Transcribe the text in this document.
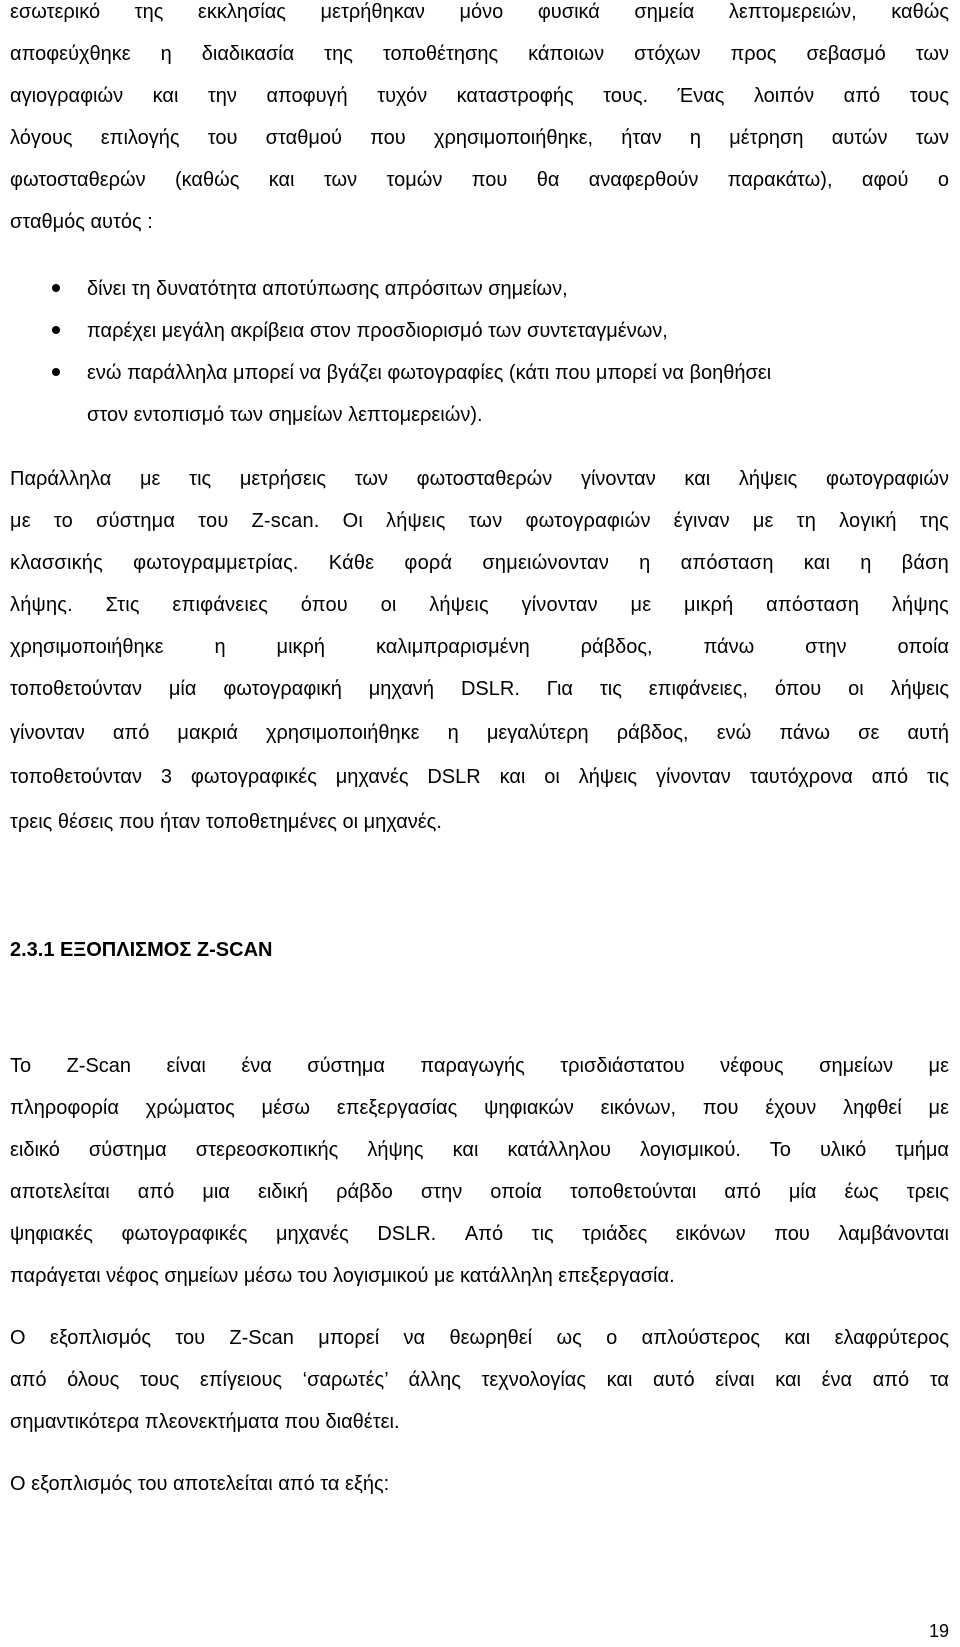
εσωτερικό της εκκλησίας μετρήθηκαν μόνο φυσικά σημεία λεπτομερειών, καθώς

αποφεύχθηκε η διαδικασία της τοποθέτησης κάποιων στόχων προς σεβασμό των

αγιογραφιών και την αποφυγή τυχόν καταστροφής τους. Ένας λοιπόν από τους

λόγους επιλογής του σταθμού που χρησιμοποιήθηκε, ήταν η μέτρηση αυτών των

φωτοσταθερών (καθώς και των τομών που θα αναφερθούν παρακάτω), αφού ο

σταθμός αυτός :

δίνει τη δυνατότητα αποτύπωσης απρόσιτων σημείων,

παρέχει μεγάλη ακρίβεια στον προσδιορισμό των συντεταγμένων,

ενώ παράλληλα μπορεί να βγάζει φωτογραφίες (κάτι που μπορεί να βοηθήσει

στον εντοπισμό των σημείων λεπτομερειών).

Παράλληλα με τις μετρήσεις των φωτοσταθερών γίνονταν και λήψεις φωτογραφιών

με το σύστημα του Z-scan. Οι λήψεις των φωτογραφιών έγιναν με τη λογική της

κλασσικής φωτογραμμετρίας. Κάθε φορά σημειώνονταν η απόσταση και η βάση

λήψης. Στις επιφάνειες όπου οι λήψεις γίνονταν με μικρή απόσταση λήψης

χρησιμοποιήθηκε η μικρή καλιμπραρισμένη ράβδος, πάνω στην οποία

τοποθετούνταν μία φωτογραφική μηχανή DSLR. Για τις επιφάνειες, όπου οι λήψεις

γίνονταν από μακριά χρησιμοποιήθηκε η μεγαλύτερη ράβδος, ενώ πάνω σε αυτή

τοποθετούνταν 3 φωτογραφικές μηχανές DSLR και οι λήψεις γίνονταν ταυτόχρονα από τις

τρεις θέσεις που ήταν τοποθετημένες οι μηχανές.

2.3.1 ΕΞΟΠΛΙΣΜΟΣ Z-SCAN

Το Z-Scan είναι ένα σύστημα παραγωγής τρισδιάστατου νέφους σημείων με

πληροφορία χρώματος μέσω επεξεργασίας ψηφιακών εικόνων, που έχουν ληφθεί με

ειδικό σύστημα στερεοσκοπικής λήψης και κατάλληλου λογισμικού. Το υλικό τμήμα

αποτελείται από μια ειδική ράβδο στην οποία τοποθετούνται από μία έως τρεις

ψηφιακές φωτογραφικές μηχανές DSLR. Από τις τριάδες εικόνων που λαμβάνονται

παράγεται νέφος σημείων μέσω του λογισμικού με κατάλληλη επεξεργασία.

Ο εξοπλισμός του Z-Scan μπορεί να θεωρηθεί ως ο απλούστερος και ελαφρύτερος

από όλους τους επίγειους ‘σαρωτές’ άλλης τεχνολογίας και αυτό είναι και ένα από τα

σημαντικότερα πλεονεκτήματα που διαθέτει.

Ο εξοπλισμός του αποτελείται από τα εξής:

19
